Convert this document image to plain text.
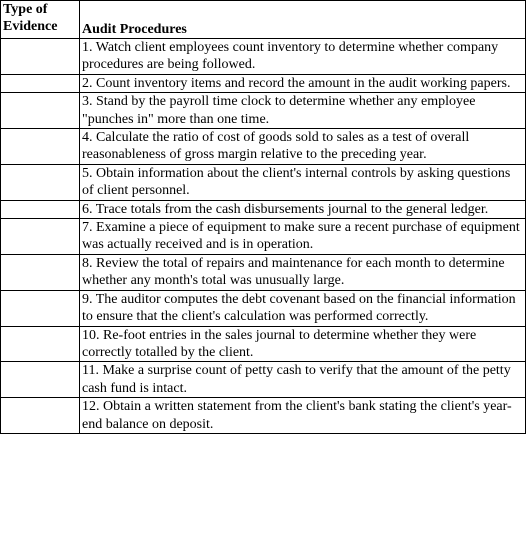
Type of
Evidence	Audit Procedures
	1. Watch client employees count inventory to determine whether company procedures are being followed.
	2. Count inventory items and record the amount in the audit working papers.
	3. Stand by the payroll time clock to determine whether any employee "punches in" more than one time.
	4. Calculate the ratio of cost of goods sold to sales as a test of overall reasonableness of gross margin relative to the preceding year.
	5. Obtain information about the client's internal controls by asking questions of client personnel.
	6. Trace totals from the cash disbursements journal to the general ledger.
	7. Examine a piece of equipment to make sure a recent purchase of equipment was actually received and is in operation.
	8. Review the total of repairs and maintenance for each month to determine whether any month's total was unusually large.
	9. The auditor computes the debt covenant based on the financial information to ensure that the client's calculation was performed correctly.
	10. Re-foot entries in the sales journal to determine whether they were correctly totalled by the client.
	11. Make a surprise count of petty cash to verify that the amount of the petty cash fund is intact.
	12. Obtain a written statement from the client's bank stating the client's year-end balance on deposit.
